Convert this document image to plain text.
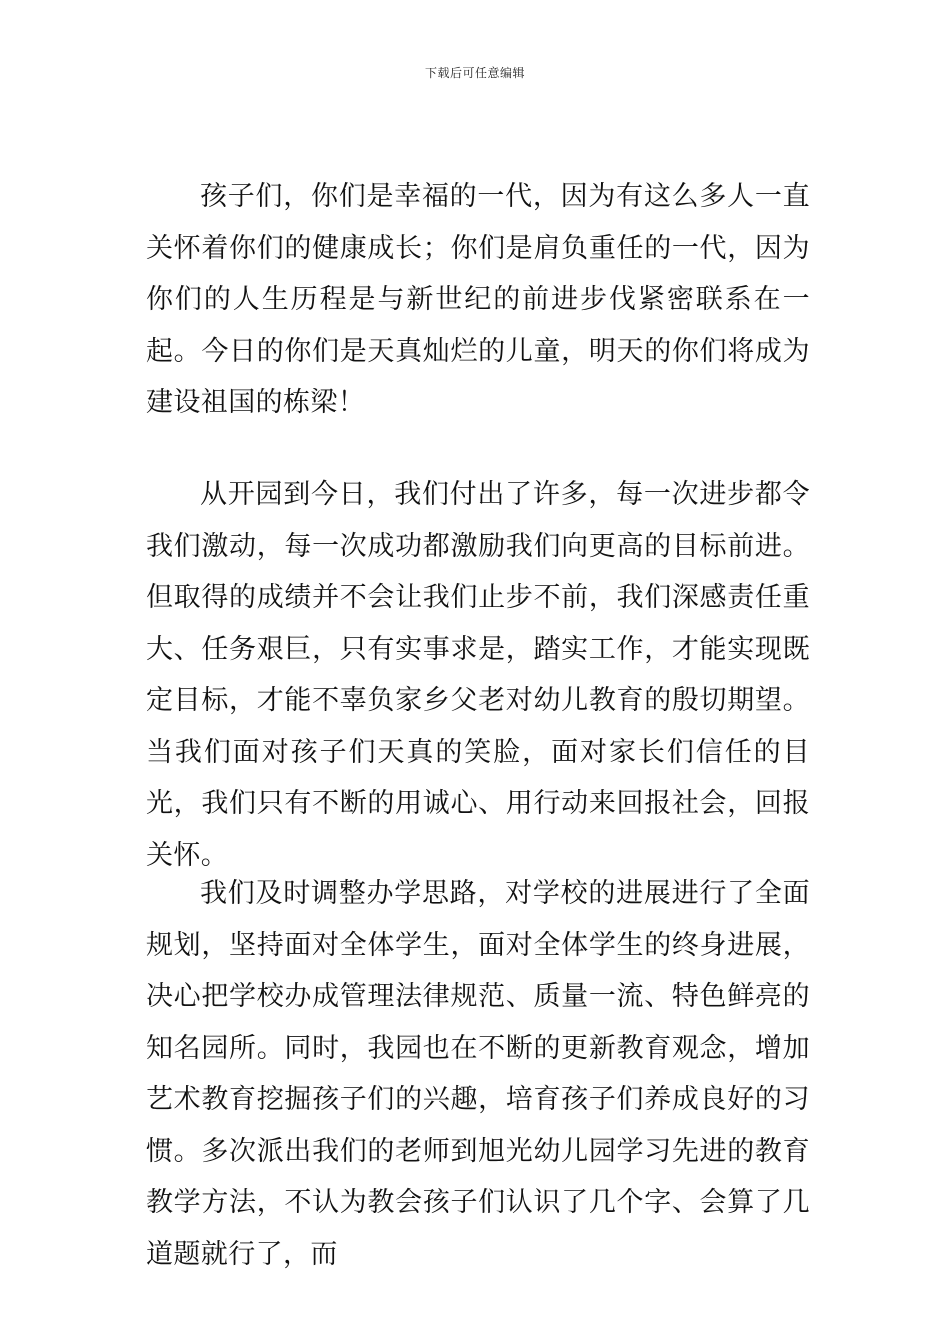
下载后可任意编辑

孩子们，你们是幸福的一代，因为有这么多人一直关怀着你们的健康成长；你们是肩负重任的一代，因为你们的人生历程是与新世纪的前进步伐紧密联系在一起。今日的你们是天真灿烂的儿童，明天的你们将成为建设祖国的栋梁！

从开园到今日，我们付出了许多，每一次进步都令我们激动，每一次成功都激励我们向更高的目标前进。但取得的成绩并不会让我们止步不前，我们深感责任重大、任务艰巨，只有实事求是，踏实工作，才能实现既定目标，才能不辜负家乡父老对幼儿教育的殷切期望。当我们面对孩子们天真的笑脸，面对家长们信任的目光，我们只有不断的用诚心、用行动来回报社会，回报关怀。

我们及时调整办学思路，对学校的进展进行了全面规划，坚持面对全体学生，面对全体学生的终身进展，决心把学校办成管理法律规范、质量一流、特色鲜亮的知名园所。同时，我园也在不断的更新教育观念，增加艺术教育挖掘孩子们的兴趣，培育孩子们养成良好的习惯。多次派出我们的老师到旭光幼儿园学习先进的教育教学方法，不认为教会孩子们认识了几个字、会算了几道题就行了，而
